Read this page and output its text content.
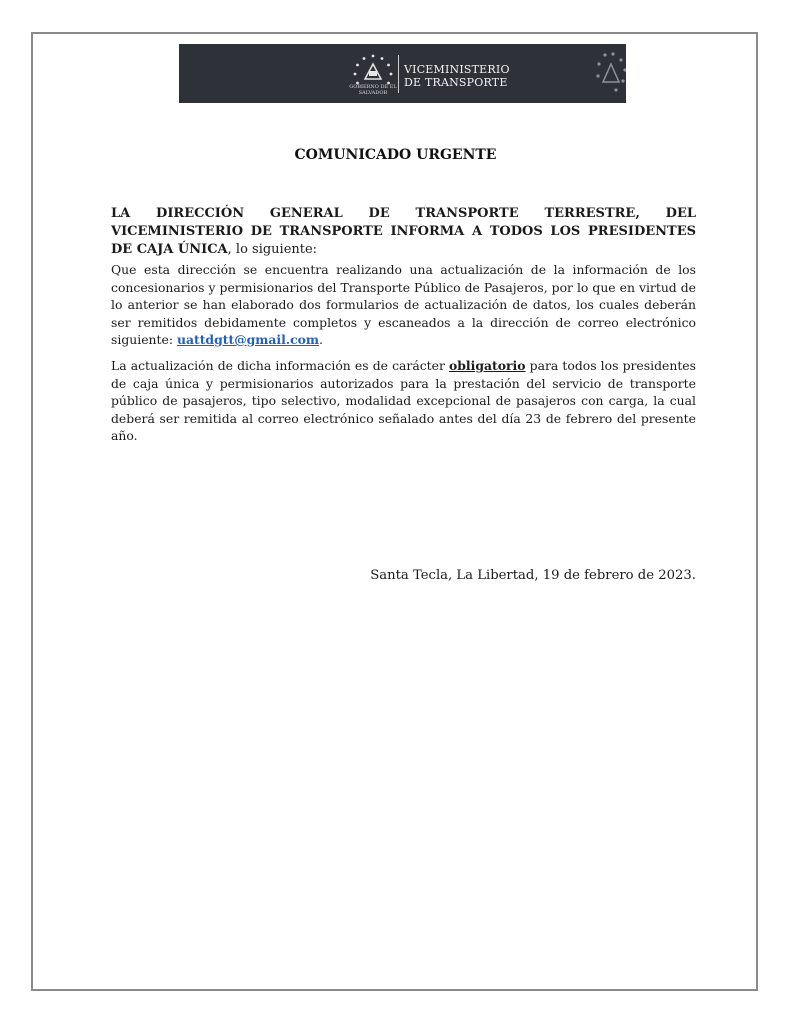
GOBIERNO DE EL SALVADOR
VICEMINISTERIO
DE TRANSPORTE
COMUNICADO URGENTE
LA DIRECCIÓN GENERAL DE TRANSPORTE TERRESTRE, DEL VICEMINISTERIO DE TRANSPORTE INFORMA A TODOS LOS PRESIDENTES DE CAJA ÚNICA, lo siguiente:

Que esta dirección se encuentra realizando una actualización de la información de los concesionarios y permisionarios del Transporte Público de Pasajeros, por lo que en virtud de lo anterior se han elaborado dos formularios de actualización de datos, los cuales deberán ser remitidos debidamente completos y escaneados a la dirección de correo electrónico siguiente: uattdgtt@gmail.com.

La actualización de dicha información es de carácter obligatorio para todos los presidentes de caja única y permisionarios autorizados para la prestación del servicio de transporte público de pasajeros, tipo selectivo, modalidad excepcional de pasajeros con carga, la cual deberá ser remitida al correo electrónico señalado antes del día 23 de febrero del presente año.

Santa Tecla, La Libertad, 19 de febrero de 2023.
